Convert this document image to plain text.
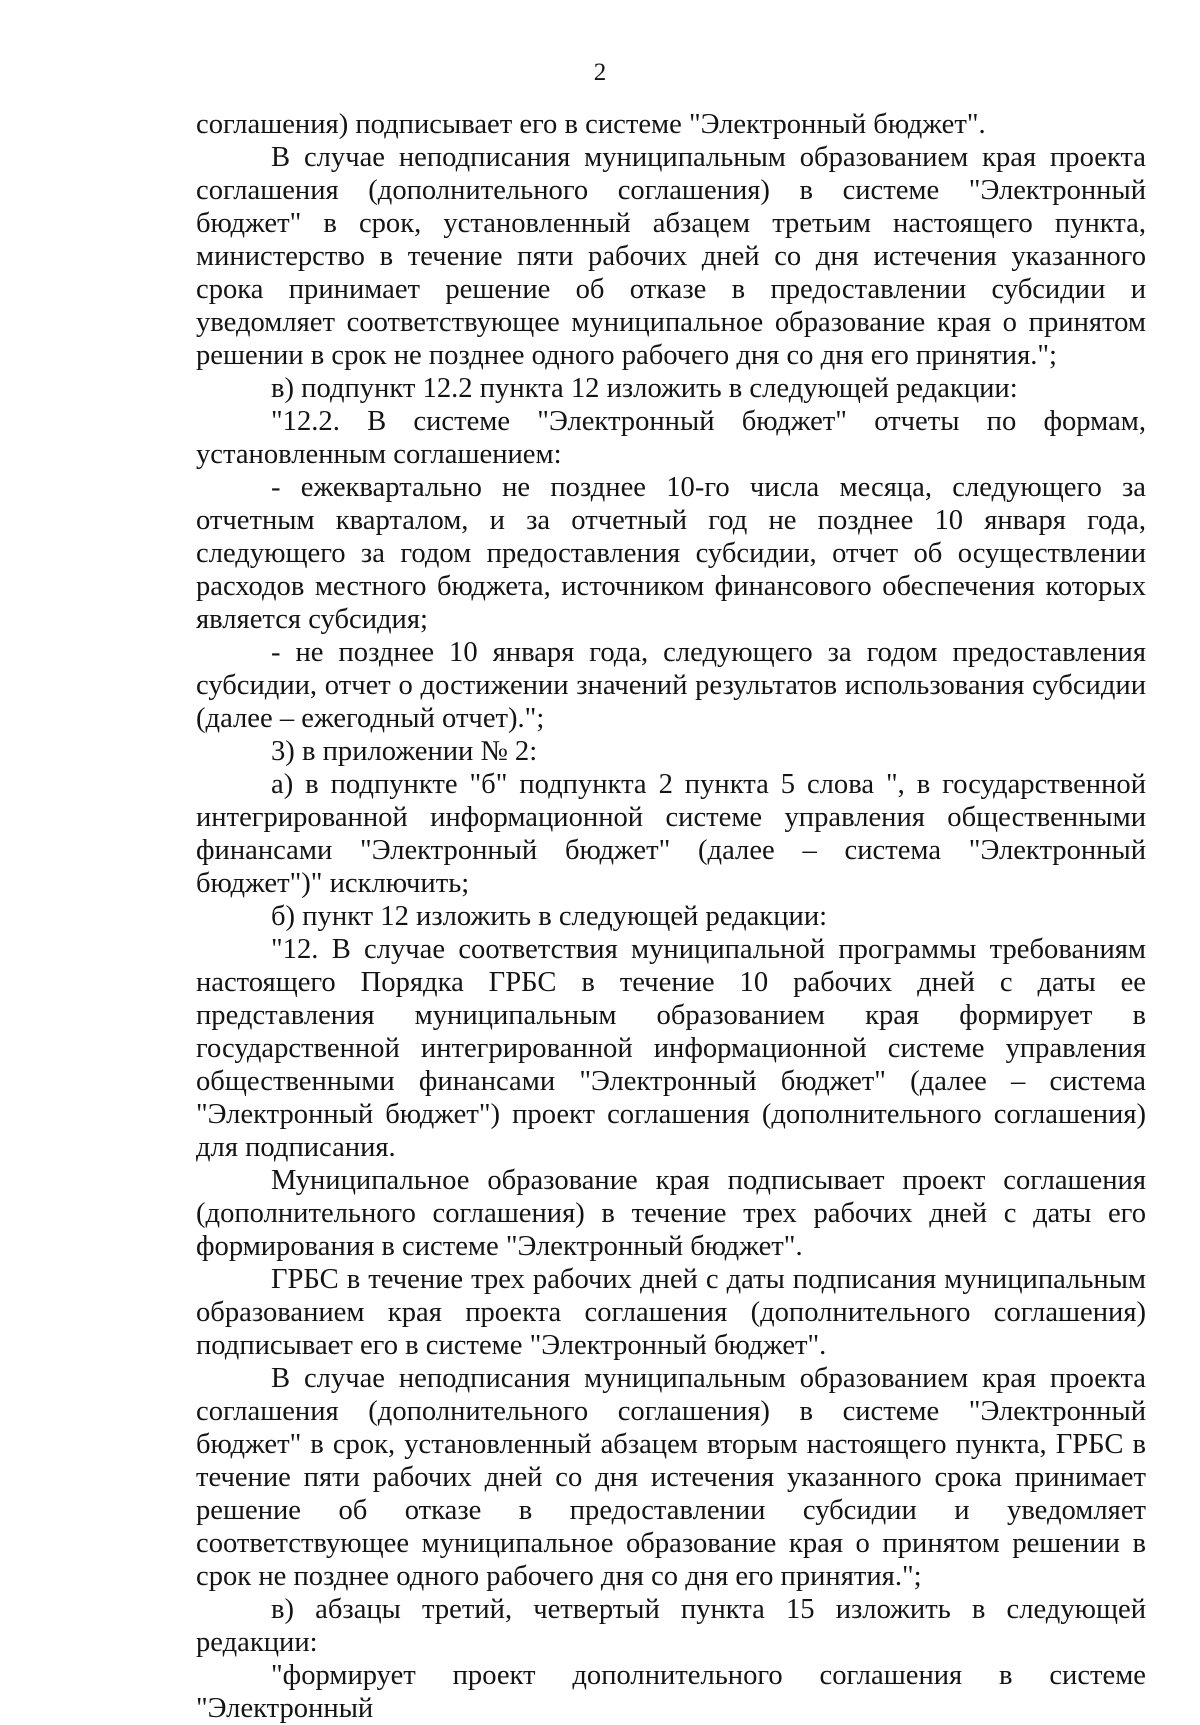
2

соглашения) подписывает его в системе "Электронный бюджет".

В случае неподписания муниципальным образованием края проекта соглашения (дополнительного соглашения) в системе "Электронный бюджет" в срок, установленный абзацем третьим настоящего пункта, министерство в течение пяти рабочих дней со дня истечения указанного срока принимает решение об отказе в предоставлении субсидии и уведомляет соответствующее муниципальное образование края о принятом решении в срок не позднее одного рабочего дня со дня его принятия.";

в) подпункт 12.2 пункта 12 изложить в следующей редакции:

"12.2. В системе "Электронный бюджет" отчеты по формам, установленным соглашением:

- ежеквартально не позднее 10-го числа месяца, следующего за отчетным кварталом, и за отчетный год не позднее 10 января года, следующего за годом предоставления субсидии, отчет об осуществлении расходов местного бюджета, источником финансового обеспечения которых является субсидия;

- не позднее 10 января года, следующего за годом предоставления субсидии, отчет о достижении значений результатов использования субсидии (далее – ежегодный отчет).";

3) в приложении № 2:

а) в подпункте "б" подпункта 2 пункта 5 слова ", в государственной интегрированной информационной системе управления общественными финансами "Электронный бюджет" (далее – система "Электронный бюджет")" исключить;

б) пункт 12 изложить в следующей редакции:

"12. В случае соответствия муниципальной программы требованиям настоящего Порядка ГРБС в течение 10 рабочих дней с даты ее представления муниципальным образованием края формирует в государственной интегрированной информационной системе управления общественными финансами "Электронный бюджет" (далее – система "Электронный бюджет") проект соглашения (дополнительного соглашения) для подписания.

Муниципальное образование края подписывает проект соглашения (дополнительного соглашения) в течение трех рабочих дней с даты его формирования в системе "Электронный бюджет".

ГРБС в течение трех рабочих дней с даты подписания муниципальным образованием края проекта соглашения (дополнительного соглашения) подписывает его в системе "Электронный бюджет".

В случае неподписания муниципальным образованием края проекта соглашения (дополнительного соглашения) в системе "Электронный бюджет" в срок, установленный абзацем вторым настоящего пункта, ГРБС в течение пяти рабочих дней со дня истечения указанного срока принимает решение об отказе в предоставлении субсидии и уведомляет соответствующее муниципальное образование края о принятом решении в срок не позднее одного рабочего дня со дня его принятия.";

в) абзацы третий, четвертый пункта 15 изложить в следующей редакции:

"формирует проект дополнительного соглашения в системе "Электронный
